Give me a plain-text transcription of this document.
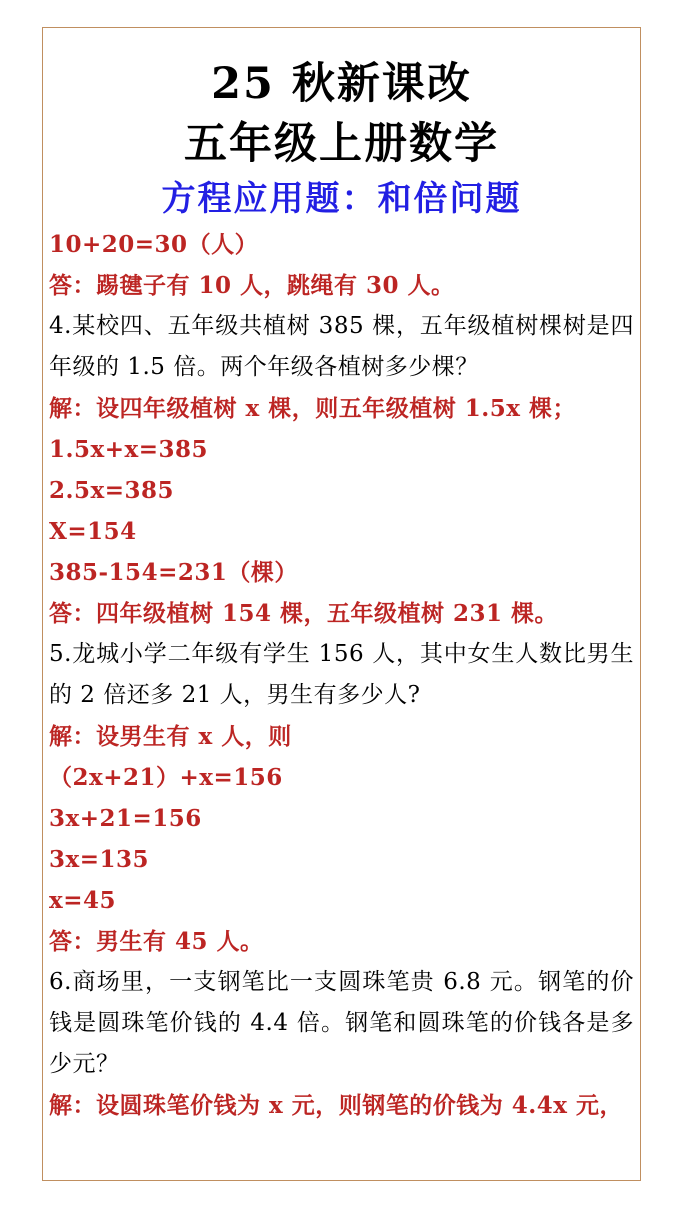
25 秋新课改
五年级上册数学
方程应用题：和倍问题

10+20=30（人）

答：踢毽子有 10 人，跳绳有 30 人。

4.某校四、五年级共植树 385 棵，五年级植树棵树是四年级的 1.5 倍。两个年级各植树多少棵？

解：设四年级植树 x 棵，则五年级植树 1.5x 棵；

1.5x+x=385

2.5x=385

X=154

385-154=231（棵）

答：四年级植树 154 棵，五年级植树 231 棵。

5.龙城小学二年级有学生 156 人，其中女生人数比男生的 2 倍还多 21 人，男生有多少人?

解：设男生有 x 人，则

（2x+21）+x=156

3x+21=156

3x=135

x=45

答：男生有 45 人。

6.商场里，一支钢笔比一支圆珠笔贵 6.8 元。钢笔的价钱是圆珠笔价钱的 4.4 倍。钢笔和圆珠笔的价钱各是多少元？

解：设圆珠笔价钱为 x 元，则钢笔的价钱为 4.4x 元，
